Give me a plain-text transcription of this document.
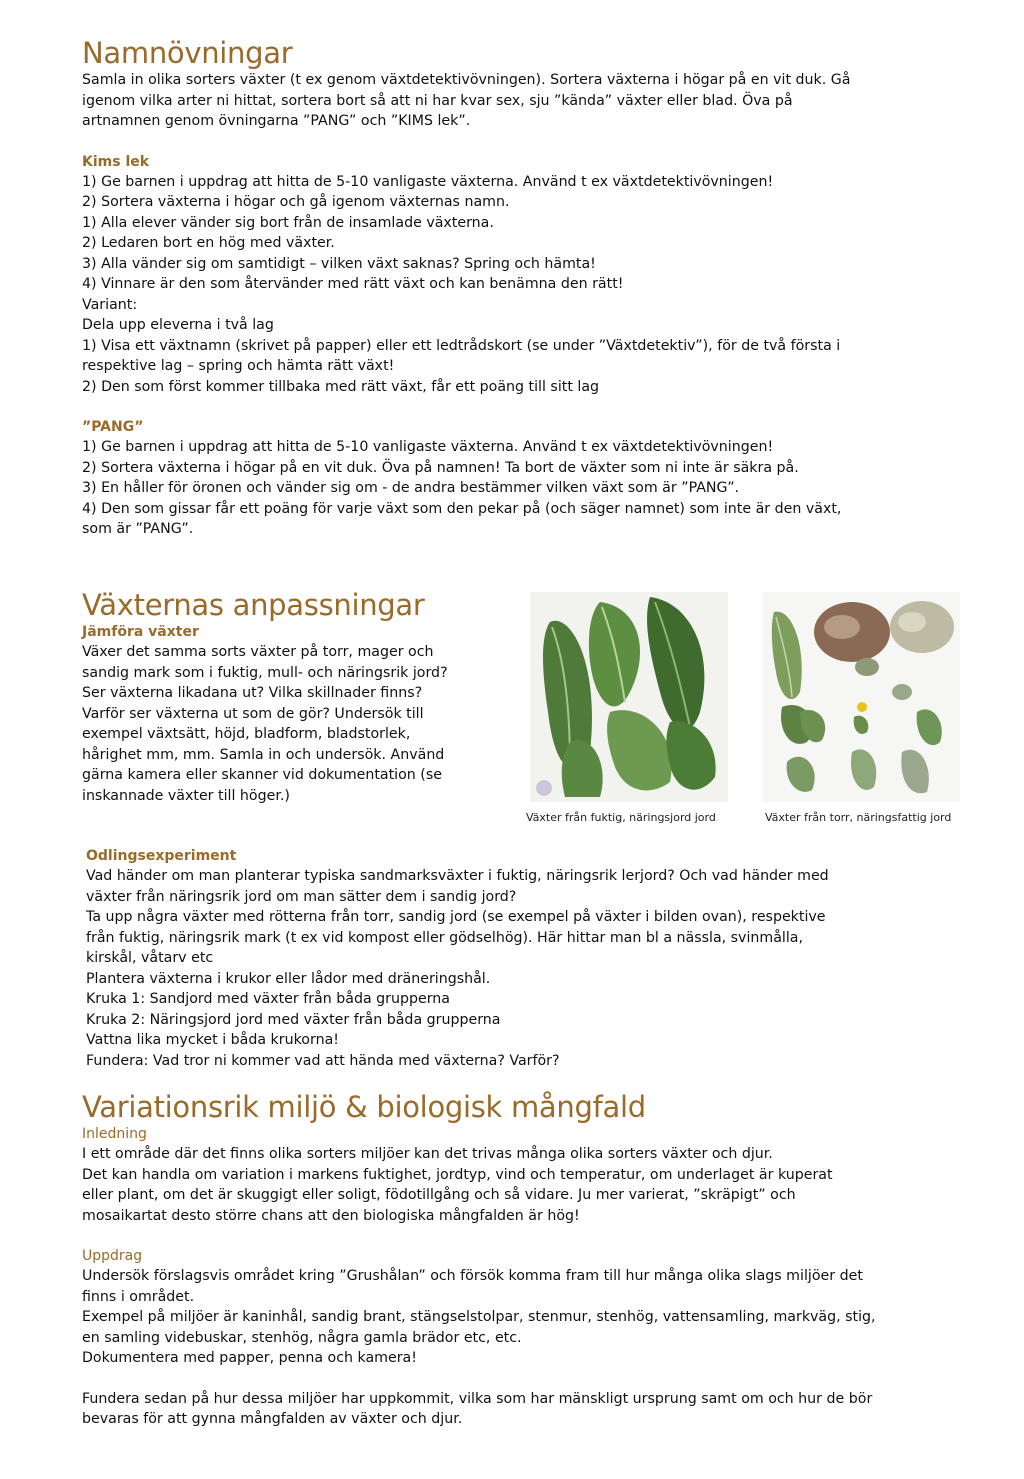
Namnövningar

Samla in olika sorters växter (t ex genom växtdetektivövningen). Sortera växterna i högar på en vit duk. Gå

igenom vilka arter ni hittat, sortera bort så att ni har kvar sex, sju ”kända” växter eller blad. Öva på

artnamnen genom övningarna ”PANG” och ”KIMS lek”.

Kims lek

1) Ge barnen i uppdrag att hitta de 5-10 vanligaste växterna. Använd t ex växtdetektivövningen!

2) Sortera växterna i högar och gå igenom växternas namn.

1) Alla elever vänder sig bort från de insamlade växterna.

2) Ledaren bort en hög med växter.

3) Alla vänder sig om samtidigt – vilken växt saknas? Spring och hämta!

4) Vinnare är den som återvänder med rätt växt och kan benämna den rätt!

Variant:

Dela upp eleverna i två lag

1) Visa ett växtnamn (skrivet på papper) eller ett ledtrådskort (se under ”Växtdetektiv”), för de två första i

respektive lag – spring och hämta rätt växt!

2) Den som först kommer tillbaka med rätt växt, får ett poäng till sitt lag

”PANG”

1) Ge barnen i uppdrag att hitta de 5-10 vanligaste växterna. Använd t ex växtdetektivövningen!

2) Sortera växterna i högar på en vit duk. Öva på namnen! Ta bort de växter som ni inte är säkra på.

3) En håller för öronen och vänder sig om - de andra bestämmer vilken växt som är ”PANG”.

4) Den som gissar får ett poäng för varje växt som den pekar på (och säger namnet) som inte är den växt,

som är ”PANG”.

Växternas anpassningar
Jämföra växter

Växer det samma sorts växter på torr, mager och

sandig mark som i fuktig, mull- och näringsrik jord?

Ser växterna likadana ut? Vilka skillnader finns?

Varför ser växterna ut som de gör? Undersök till

exempel växtsätt, höjd, bladform, bladstorlek,

hårighet mm, mm. Samla in och undersök. Använd

gärna kamera eller skanner vid dokumentation (se

inskannade växter till höger.)

Växter från fuktig, näringsjord jord	Växter från torr, näringsfattig jord
Odlingsexperiment

Vad händer om man planterar typiska sandmarksväxter i fuktig, näringsrik lerjord? Och vad händer med

växter från näringsrik jord om man sätter dem i sandig jord?

Ta upp några växter med rötterna från torr, sandig jord (se exempel på växter i bilden ovan), respektive

från fuktig, näringsrik mark (t ex vid kompost eller gödselhög). Här hittar man bl a nässla, svinmålla,

kirskål, våtarv etc

Plantera växterna i krukor eller lådor med dräneringshål.

Kruka 1: Sandjord med växter från båda grupperna

Kruka 2: Näringsjord jord med växter från båda grupperna

Vattna lika mycket i båda krukorna!

Fundera: Vad tror ni kommer vad att hända med växterna? Varför?

Variationsrik miljö & biologisk mångfald
Inledning

I ett område där det finns olika sorters miljöer kan det trivas många olika sorters växter och djur.

Det kan handla om variation i markens fuktighet, jordtyp, vind och temperatur, om underlaget är kuperat

eller plant, om det är skuggigt eller soligt, födotillgång och så vidare. Ju mer varierat, ”skräpigt” och

mosaikartat desto större chans att den biologiska mångfalden är hög!

Uppdrag

Undersök förslagsvis området kring ”Grushålan” och försök komma fram till hur många olika slags miljöer det

finns i området.

Exempel på miljöer är kaninhål, sandig brant, stängselstolpar, stenmur, stenhög, vattensamling, markväg, stig,

en samling videbuskar, stenhög, några gamla brädor etc, etc.

Dokumentera med papper, penna och kamera!

Fundera sedan på hur dessa miljöer har uppkommit, vilka som har mänskligt ursprung samt om och hur de bör

bevaras för att gynna mångfalden av växter och djur.
